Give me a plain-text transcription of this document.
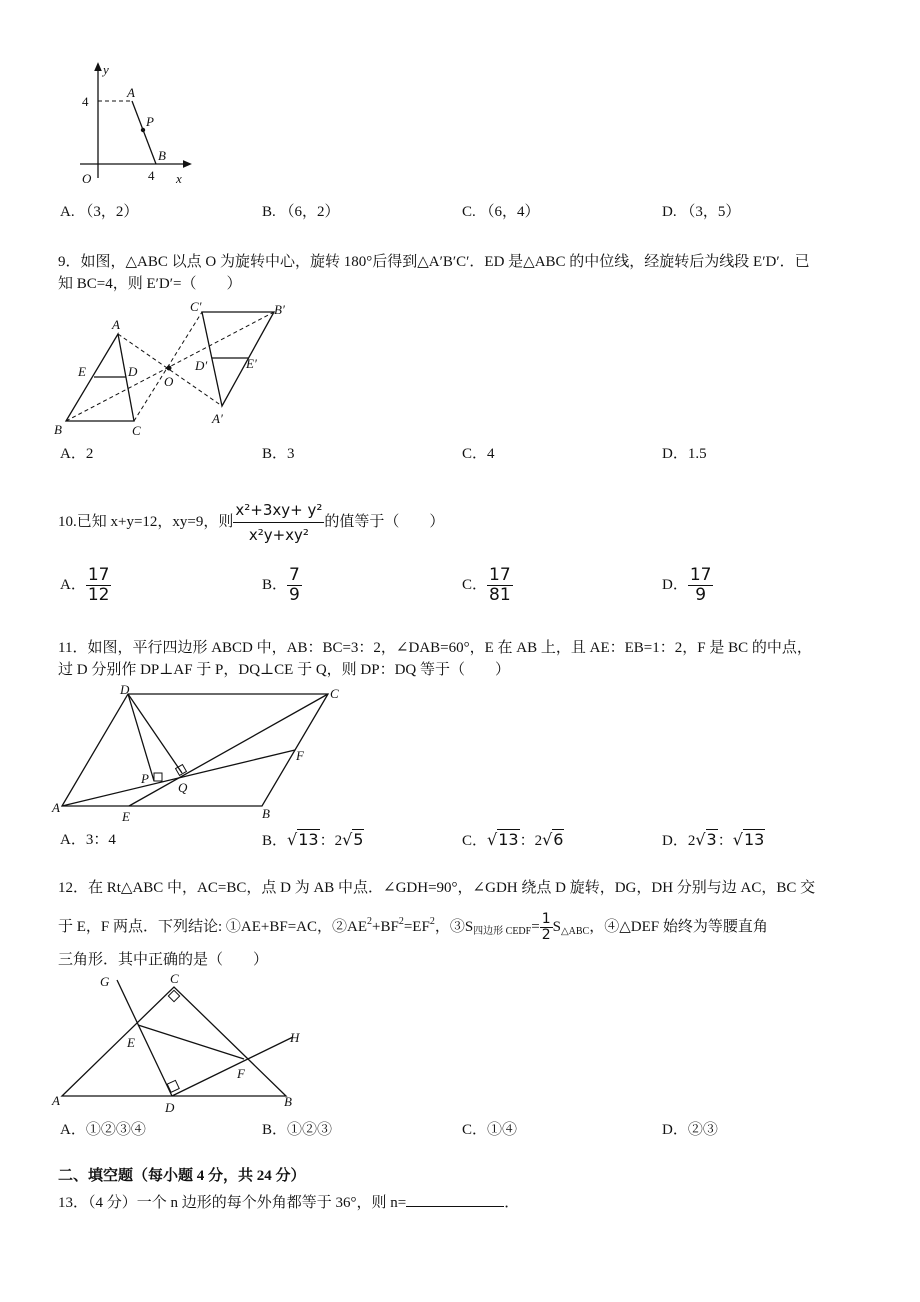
y
x
O
4
4
A
P
B
A. （3，2）	B. （6，2）	C. （6，4）	D. （3，5）
9．如图，△ABC 以点 O 为旋转中心，旋转 180°后得到△A′B′C′．ED 是△ABC 的中位线，经旋转后为线段 E′D′．已
知 BC=4，则 E′D′=（　　）
A
B	C
E	D
O
A′
B′
C′
D′	E′
A．2	B．3	C．4	D．1.5
10.已知 x+y=12，xy=9，则 $\frac{\text{x²+3xy+ y²}}{\text{x²y+xy²}}$ 的值等于（　　）
A． $\frac{17}{12}$	B． $\frac{7}{9}$	C． $\frac{17}{81}$	D． $\frac{17}{9}$
11．如图，平行四边形 ABCD 中，AB：BC=3：2，∠DAB=60°，E 在 AB 上，且 AE：EB=1：2，F 是 BC 的中点，
过 D 分别作 DP⊥AF 于 P，DQ⊥CE 于 Q，则 DP：DQ 等于（　　）
A	B
C
D
E
F
P
Q
A．3：4	B．√13：2√5	C．√13：2√6	D．2√3：√13
12．在 Rt△ABC 中，AC=BC，点 D 为 AB 中点．∠GDH=90°，∠GDH 绕点 D 旋转，DG，DH 分别与边 AC，BC 交
于 E，F 两点．下列结论: ①AE+BF=AC，$②AE^2+BF^2=EF^2$，$③S_{四边形 CEDF}= \frac{1}{2} S_{\triangle ABC}$，④△DEF 始终为等腰直角
三角形．其中正确的是（　　）
A	B
C
D
E
F
G
H
A．①②③④	B．①②③	C．①④	D．②③
二、填空题（每小题 4 分，共 24 分）
13．（4 分）一个 n 边形的每个外角都等于 36°，则 n=	．
